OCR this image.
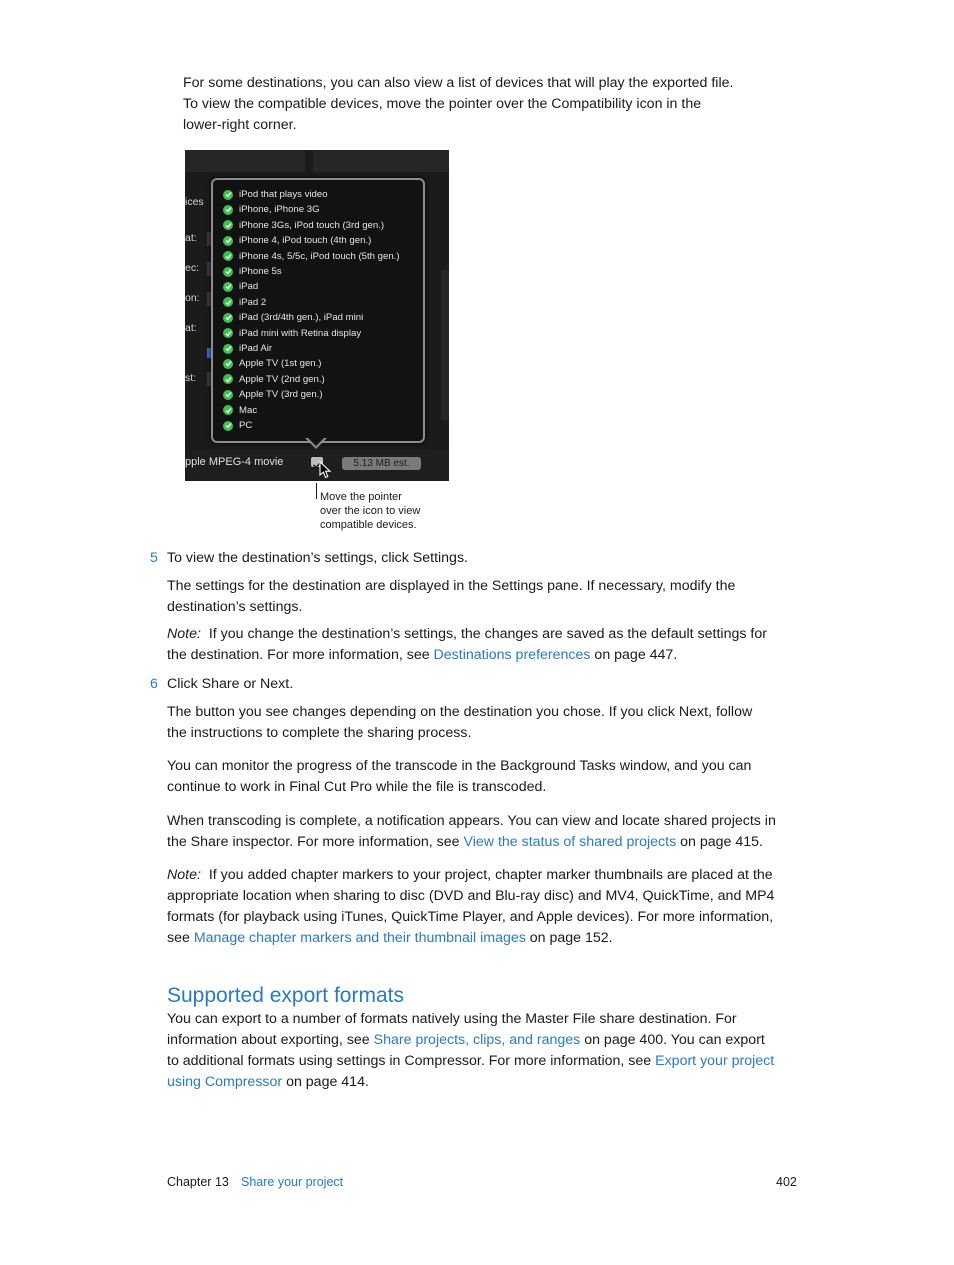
For some destinations, you can also view a list of devices that will play the exported file.
To view the compatible devices, move the pointer over the Compatibility icon in the
lower-right corner.
ices
at:
ec:
on:
at:
st:
iPod that plays video
iPhone, iPhone 3G
iPhone 3Gs, iPod touch (3rd gen.)
iPhone 4, iPod touch (4th gen.)
iPhone 4s, 5/5c, iPod touch (5th gen.)
iPhone 5s
iPad
iPad 2
iPad (3rd/4th gen.), iPad mini
iPad mini with Retina display
iPad Air
Apple TV (1st gen.)
Apple TV (2nd gen.)
Apple TV (3rd gen.)
Mac
PC
pple MPEG-4 movie	5.13 MB est.
Move the pointer
over the icon to view
compatible devices.
5 To view the destination’s settings, click Settings.
The settings for the destination are displayed in the Settings pane. If necessary, modify the
destination’s settings.
Note: If you change the destination’s settings, the changes are saved as the default settings for
the destination. For more information, see Destinations preferences on page 447.
6 Click Share or Next.
The button you see changes depending on the destination you chose. If you click Next, follow
the instructions to complete the sharing process.
You can monitor the progress of the transcode in the Background Tasks window, and you can
continue to work in Final Cut Pro while the file is transcoded.
When transcoding is complete, a notification appears. You can view and locate shared projects in
the Share inspector. For more information, see View the status of shared projects on page 415.
Note: If you added chapter markers to your project, chapter marker thumbnails are placed at the
appropriate location when sharing to disc (DVD and Blu-ray disc) and MV4, QuickTime, and MP4
formats (for playback using iTunes, QuickTime Player, and Apple devices). For more information,
see Manage chapter markers and their thumbnail images on page 152.
Supported export formats
You can export to a number of formats natively using the Master File share destination. For
information about exporting, see Share projects, clips, and ranges on page 400. You can export
to additional formats using settings in Compressor. For more information, see Export your project
using Compressor on page 414.
Chapter 13 Share your project	402
